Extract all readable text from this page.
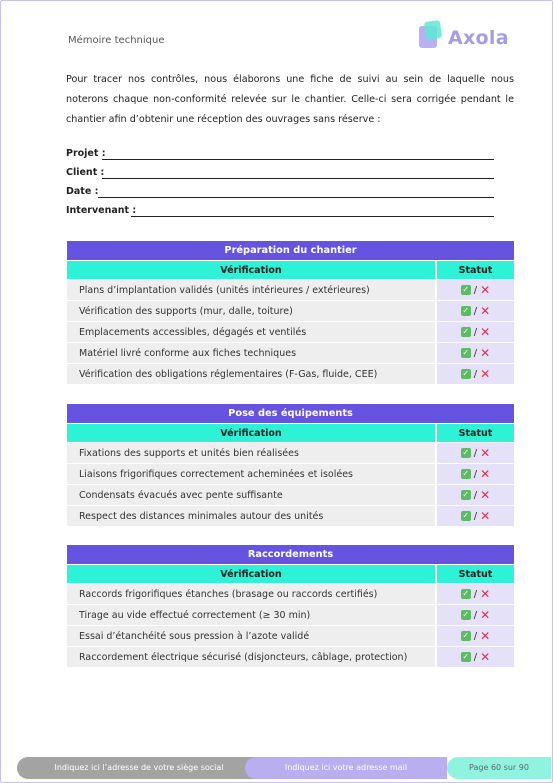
Mémoire technique	Axola
Pour tracer nos contrôles, nous élaborons une fiche de suivi au sein de laquelle nous noterons chaque non-conformité relevée sur le chantier. Celle-ci sera corrigée pendant le chantier afin d’obtenir une réception des ouvrages sans réserve :
Projet :
Client :
Date :
Intervenant :
Préparation du chantier	
Vérification	Statut
Plans d’implantation validés (unités intérieures / extérieures)	✓ / ✕
Vérification des supports (mur, dalle, toiture)	✓ / ✕
Emplacements accessibles, dégagés et ventilés	✓ / ✕
Matériel livré conforme aux fiches techniques	✓ / ✕
Vérification des obligations réglementaires (F-Gas, fluide, CEE)	✓ / ✕
Pose des équipements	
Vérification	Statut
Fixations des supports et unités bien réalisées	✓ / ✕
Liaisons frigorifiques correctement acheminées et isolées	✓ / ✕
Condensats évacués avec pente suffisante	✓ / ✕
Respect des distances minimales autour des unités	✓ / ✕
Raccordements	
Vérification	Statut
Raccords frigorifiques étanches (brasage ou raccords certifiés)	✓ / ✕
Tirage au vide effectué correctement (≥ 30 min)	✓ / ✕
Essai d’étanchéité sous pression à l’azote validé	✓ / ✕
Raccordement électrique sécurisé (disjoncteurs, câblage, protection)	✓ / ✕
Indiquez ici l’adresse de votre siège social	Indiquez ici votre adresse mail	Page 60 sur 90
